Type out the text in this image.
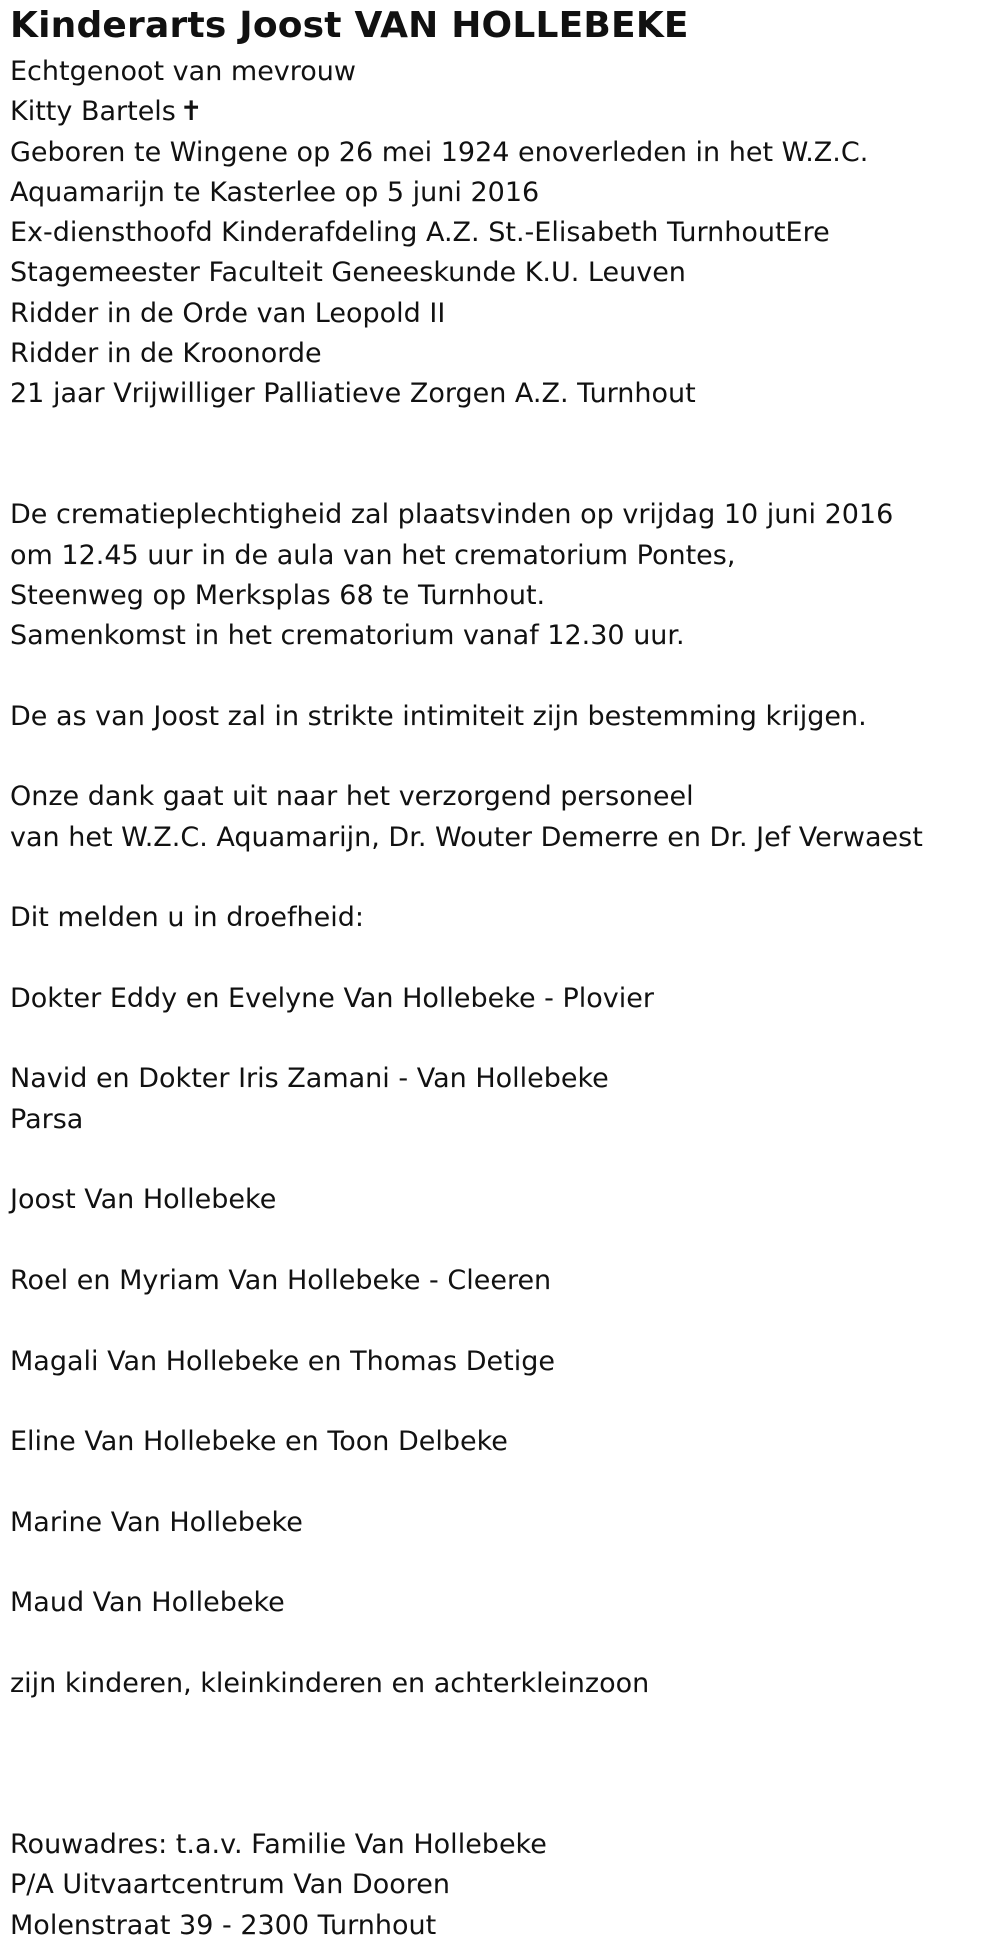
Kinderarts Joost VAN HOLLEBEKE

Echtgenoot van mevrouw

Kitty Bartels ✝

Geboren te Wingene op 26 mei 1924 enoverleden in het W.Z.C.

Aquamarijn te Kasterlee op 5 juni 2016

Ex-diensthoofd Kinderafdeling A.Z. St.-Elisabeth TurnhoutEre

Stagemeester Faculteit Geneeskunde K.U. Leuven

Ridder in de Orde van Leopold II

Ridder in de Kroonorde

21 jaar Vrijwilliger Palliatieve Zorgen A.Z. Turnhout

De crematieplechtigheid zal plaatsvinden op vrijdag 10 juni 2016

om 12.45 uur in de aula van het crematorium Pontes,

Steenweg op Merksplas 68 te Turnhout.

Samenkomst in het crematorium vanaf 12.30 uur.

De as van Joost zal in strikte intimiteit zijn bestemming krijgen.

Onze dank gaat uit naar het verzorgend personeel

van het W.Z.C. Aquamarijn, Dr. Wouter Demerre en Dr. Jef Verwaest

Dit melden u in droefheid:

Dokter Eddy en Evelyne Van Hollebeke - Plovier

Navid en Dokter Iris Zamani - Van Hollebeke

Parsa

Joost Van Hollebeke

Roel en Myriam Van Hollebeke - Cleeren

Magali Van Hollebeke en Thomas Detige

Eline Van Hollebeke en Toon Delbeke

Marine Van Hollebeke

Maud Van Hollebeke

zijn kinderen, kleinkinderen en achterkleinzoon

Rouwadres: t.a.v. Familie Van Hollebeke

P/A Uitvaartcentrum Van Dooren

Molenstraat 39 - 2300 Turnhout
